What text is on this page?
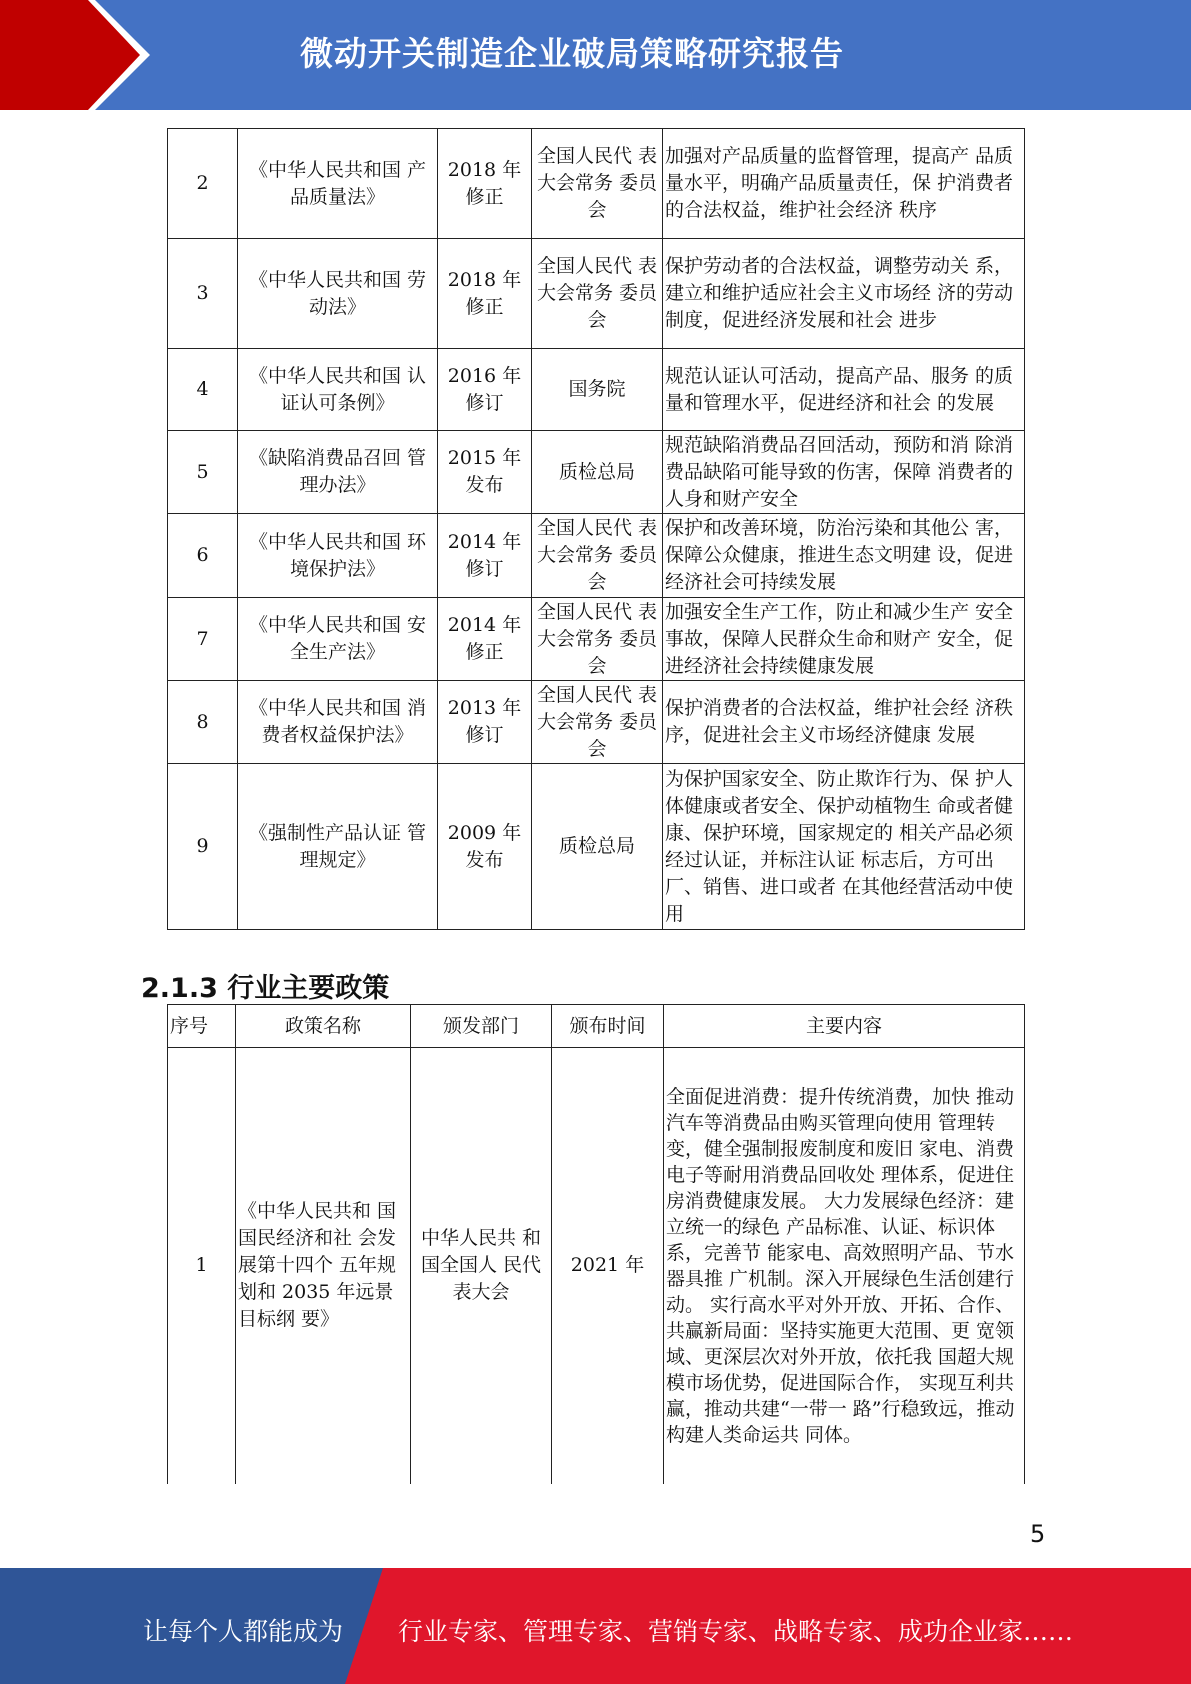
微动开关制造企业破局策略研究报告
2	《中华人民共和国 产品质量法》	2018 年 修正	全国人民代 表大会常务 委员会	加强对产品质量的监督管理，提高产 品质量水平，明确产品质量责任，保 护消费者的合法权益，维护社会经济 秩序
3	《中华人民共和国 劳动法》	2018 年 修正	全国人民代 表大会常务 委员会	保护劳动者的合法权益，调整劳动关 系，建立和维护适应社会主义市场经 济的劳动制度，促进经济发展和社会 进步
4	《中华人民共和国 认证认可条例》	2016 年 修订	国务院	规范认证认可活动，提高产品、服务 的质量和管理水平，促进经济和社会 的发展
5	《缺陷消费品召回 管理办法》	2015 年 发布	质检总局	规范缺陷消费品召回活动，预防和消 除消费品缺陷可能导致的伤害，保障 消费者的人身和财产安全
6	《中华人民共和国 环境保护法》	2014 年 修订	全国人民代 表大会常务 委员会	保护和改善环境，防治污染和其他公 害，保障公众健康，推进生态文明建 设，促进经济社会可持续发展
7	《中华人民共和国 安全生产法》	2014 年 修正	全国人民代 表大会常务 委员会	加强安全生产工作，防止和减少生产 安全事故，保障人民群众生命和财产 安全，促进经济社会持续健康发展
8	《中华人民共和国 消费者权益保护法》	2013 年 修订	全国人民代 表大会常务 委员会	保护消费者的合法权益，维护社会经 济秩序，促进社会主义市场经济健康 发展
9	《强制性产品认证 管理规定》	2009 年 发布	质检总局	为保护国家安全、防止欺诈行为、保 护人体健康或者安全、保护动植物生 命或者健康、保护环境，国家规定的 相关产品必须经过认证，并标注认证 标志后，方可出厂、销售、进口或者 在其他经营活动中使用
2.1.3 行业主要政策
序号	政策名称	颁发部门	颁布时间	主要内容
1	《中华人民共和 国国民经济和社 会发展第十四个 五年规划和 2035 年远景目标纲 要》	中华人民共 和国全国人 民代表大会	2021 年	全面促进消费：提升传统消费，加快 推动汽车等消费品由购买管理向使用 管理转变，健全强制报废制度和废旧 家电、消费电子等耐用消费品回收处 理体系，促进住房消费健康发展。 大力发展绿色经济：建立统一的绿色 产品标准、认证、标识体系，完善节 能家电、高效照明产品、节水器具推 广机制。深入开展绿色生活创建行动。 实行高水平对外开放、开拓、合作、 共赢新局面：坚持实施更大范围、更 宽领域、更深层次对外开放，依托我 国超大规模市场优势，促进国际合作， 实现互利共赢，推动共建“一带一 路”行稳致远，推动构建人类命运共 同体。
5
让每个人都能成为 行业专家、管理专家、营销专家、战略专家、成功企业家……
